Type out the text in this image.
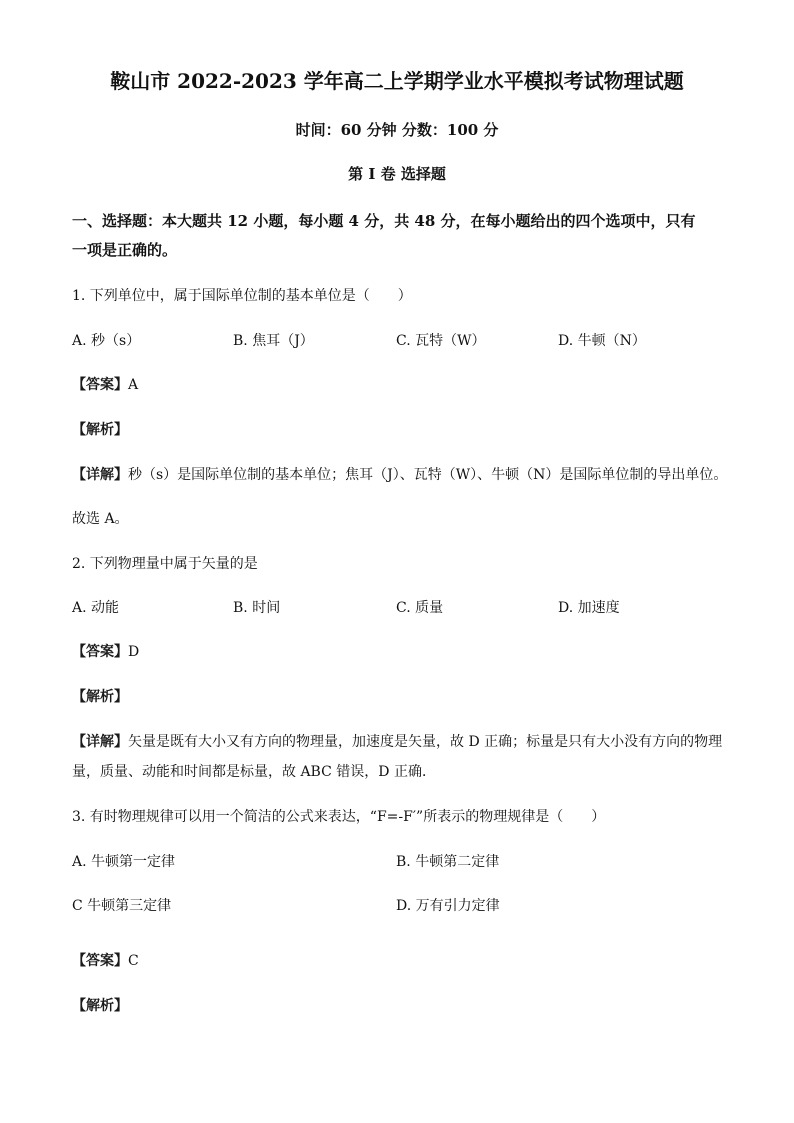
鞍山市 2022-2023 学年高二上学期学业水平模拟考试物理试题
时间：60 分钟 分数：100 分
第 I 卷 选择题
一、选择题：本大题共 12 小题，每小题 4 分，共 48 分，在每小题给出的四个选项中，只有
一项是正确的。
1. 下列单位中，属于国际单位制的基本单位是（　　）
A. 秒（s）	B. 焦耳（J）	C. 瓦特（W）	D. 牛顿（N）
【答案】A
【解析】
【详解】秒（s）是国际单位制的基本单位；焦耳（J）、瓦特（W）、牛顿（N）是国际单位制的导出单位。
故选 A。
2. 下列物理量中属于矢量的是
A. 动能	B. 时间	C. 质量	D. 加速度
【答案】D
【解析】
【详解】矢量是既有大小又有方向的物理量，加速度是矢量，故 D 正确；标量是只有大小没有方向的物理
量，质量、动能和时间都是标量，故 ABC 错误，D 正确．
3. 有时物理规律可以用一个简洁的公式来表达，“F=-F′”所表示的物理规律是（　　）
A. 牛顿第一定律	B. 牛顿第二定律
C 牛顿第三定律	D. 万有引力定律
【答案】C
【解析】
